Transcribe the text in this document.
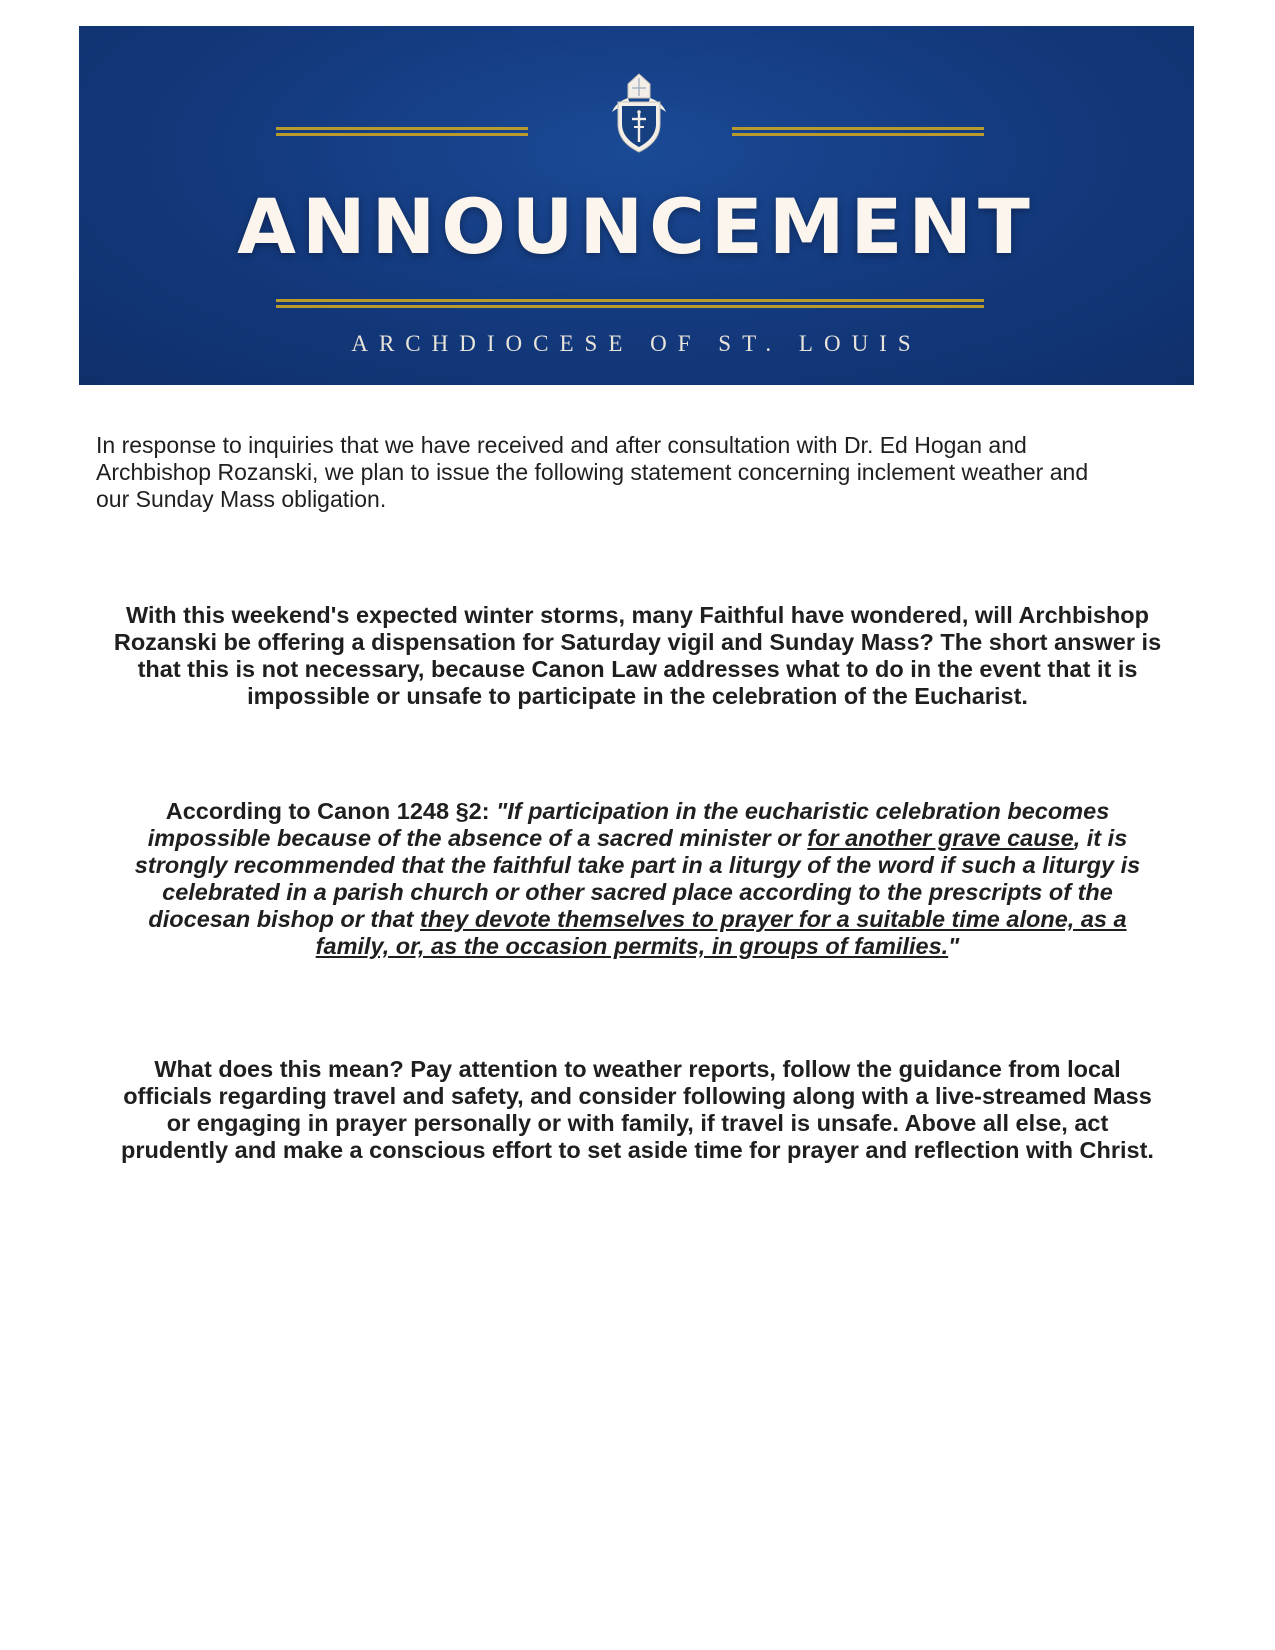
ANNOUNCEMENT
ARCHDIOCESE OF ST. LOUIS
In response to inquiries that we have received and after consultation with Dr. Ed Hogan and Archbishop Rozanski, we plan to issue the following statement concerning inclement weather and our Sunday Mass obligation.
With this weekend's expected winter storms, many Faithful have wondered, will Archbishop Rozanski be offering a dispensation for Saturday vigil and Sunday Mass? The short answer is that this is not necessary, because Canon Law addresses what to do in the event that it is impossible or unsafe to participate in the celebration of the Eucharist.
According to Canon 1248 §2: "If participation in the eucharistic celebration becomes impossible because of the absence of a sacred minister or for another grave cause, it is strongly recommended that the faithful take part in a liturgy of the word if such a liturgy is celebrated in a parish church or other sacred place according to the prescripts of the diocesan bishop or that they devote themselves to prayer for a suitable time alone, as a family, or, as the occasion permits, in groups of families."
What does this mean? Pay attention to weather reports, follow the guidance from local officials regarding travel and safety, and consider following along with a live-streamed Mass or engaging in prayer personally or with family, if travel is unsafe. Above all else, act prudently and make a conscious effort to set aside time for prayer and reflection with Christ.
